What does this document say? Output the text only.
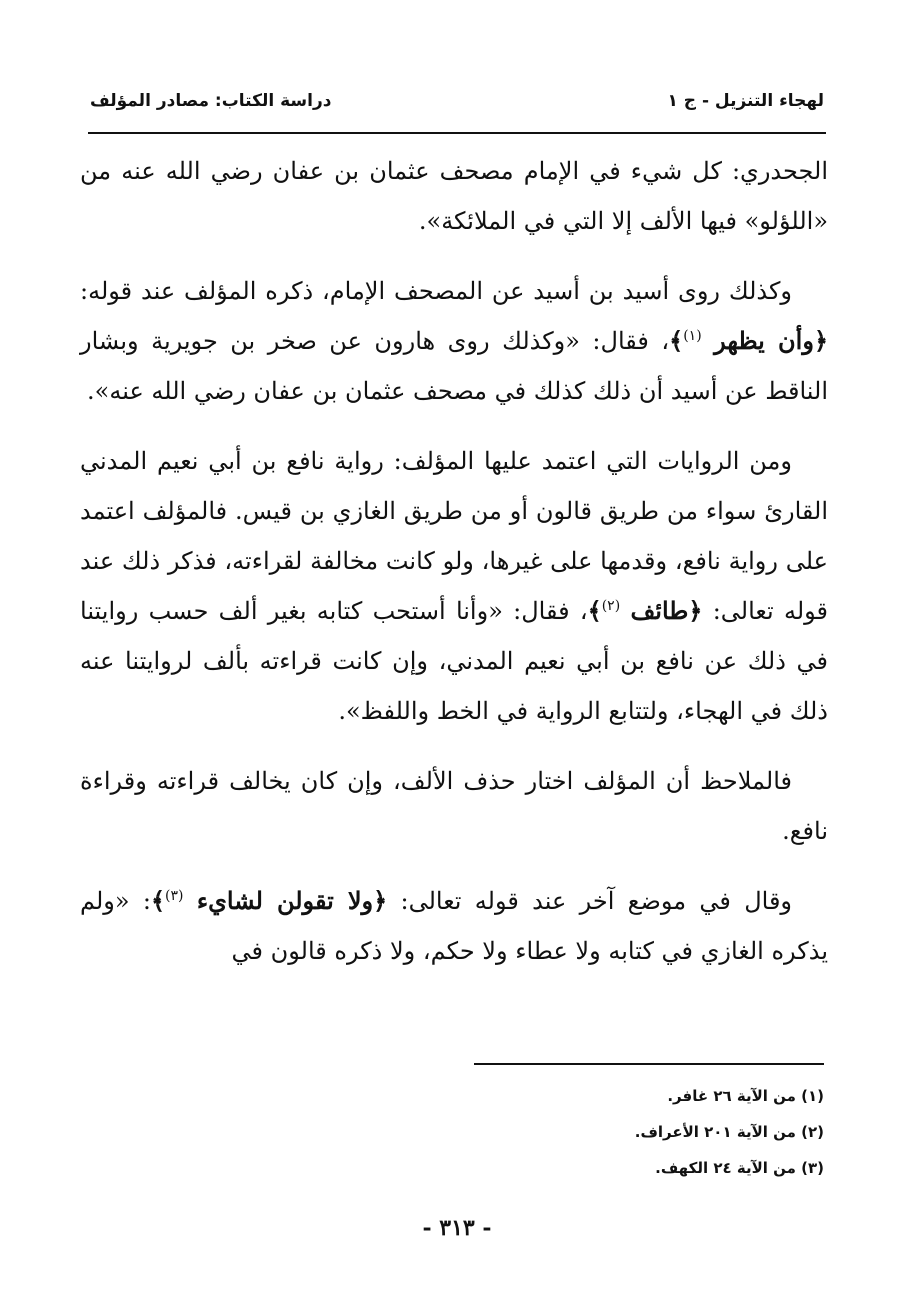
لهجاء التنزيل - ج ١
دراسة الكتاب: مصادر المؤلف

الجحدري: كل شيء في الإمام مصحف عثمان بن عفان رضي الله عنه من «اللؤلو» فيها الألف إلا التي في الملائكة».

وكذلك روى أسيد بن أسيد عن المصحف الإمام، ذكره المؤلف عند قوله: ﴿وأن يظهر $^{(١)}$﴾، فقال: «وكذلك روى هارون عن صخر بن جويرية وبشار الناقط عن أسيد أن ذلك كذلك في مصحف عثمان بن عفان رضي الله عنه».

ومن الروايات التي اعتمد عليها المؤلف: رواية نافع بن أبي نعيم المدني القارئ سواء من طريق قالون أو من طريق الغازي بن قيس. فالمؤلف اعتمد على رواية نافع، وقدمها على غيرها، ولو كانت مخالفة لقراءته، فذكر ذلك عند قوله تعالى: ﴿طائف $^{(٢)}$﴾، فقال: «وأنا أستحب كتابه بغير ألف حسب روايتنا في ذلك عن نافع بن أبي نعيم المدني، وإن كانت قراءته بألف لروايتنا عنه ذلك في الهجاء، ولتتابع الرواية في الخط واللفظ».

فالملاحظ أن المؤلف اختار حذف الألف، وإن كان يخالف قراءته وقراءة نافع.

وقال في موضع آخر عند قوله تعالى: ﴿ولا تقولن لشايء $^{(٣)}$﴾: «ولم يذكره الغازي في كتابه ولا عطاء ولا حكم، ولا ذكره قالون في

(١) من الآية ٢٦ غافر.
(٢) من الآية ٢٠١ الأعراف.
(٣) من الآية ٢٤ الكهف.
- ٣١٣ -
